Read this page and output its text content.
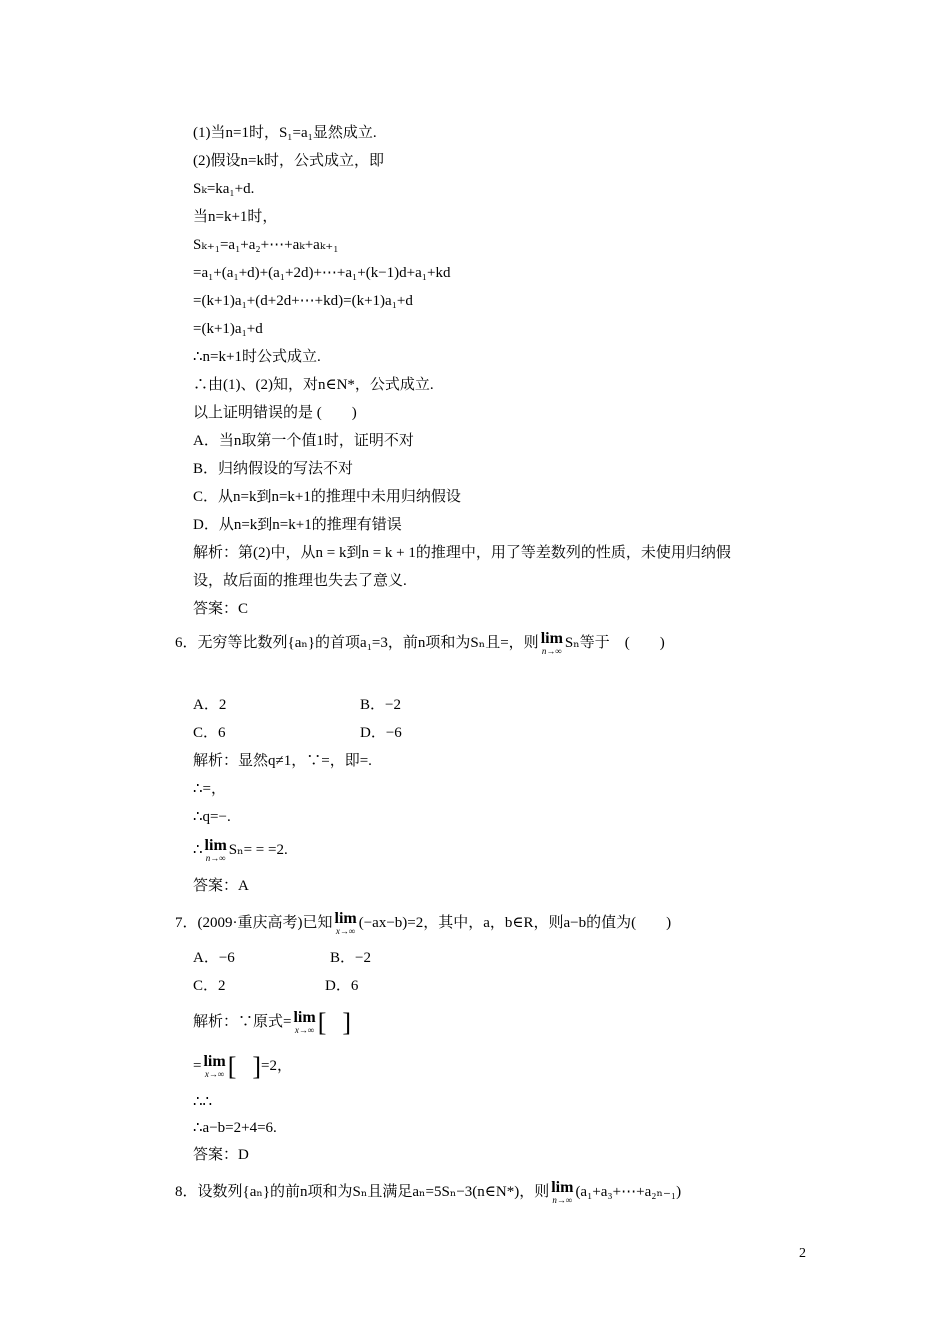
(1)当n=1时，S₁=a₁显然成立.
(2)假设n=k时，公式成立，即
Sₖ=ka₁+d.
当n=k+1时，
Sₖ₊₁=a₁+a₂+⋯+aₖ+aₖ₊₁
=a₁+(a₁+d)+(a₁+2d)+⋯+a₁+(k−1)d+a₁+kd
=(k+1)a₁+(d+2d+⋯+kd)=(k+1)a₁+d
=(k+1)a₁+d
∴n=k+1时公式成立.
∴由(1)、(2)知，对n∈N*，公式成立.
以上证明错误的是 (　　)
A．当n取第一个值1时，证明不对
B．归纳假设的写法不对
C．从n=k到n=k+1的推理中未用归纳假设
D．从n=k到n=k+1的推理有错误
解析：第(2)中，从n = k到n = k + 1的推理中，用了等差数列的性质，未使用归纳假
设，故后面的推理也失去了意义.
答案：C
6．无穷等比数列{aₙ}的首项a₁=3，前n项和为Sₙ且=，则 lim
n→∞
Sₙ等于　(　　)
A．2	B．−2
C．6	D．−6
解析：显然q≠1，∵=，即=.
∴=，
∴q=−.
∴ lim
n→∞
Sₙ= = =2.
答案：A
7．(2009·重庆高考)已知 lim
x→∞
(−ax−b)=2，其中，a，b∈R，则a−b的值为(　　)
A．−6	B．−2
C．2	D．6
解析：∵原式= lim
x→∞ [ ]
= lim
x→∞ [ ]=2，
∴∴
∴a−b=2+4=6.
答案：D
8．设数列{aₙ}的前n项和为Sₙ且满足aₙ=5Sₙ−3(n∈N*)，则 lim
n→∞
(a₁+a₃+⋯+a₂ₙ₋₁)
2
